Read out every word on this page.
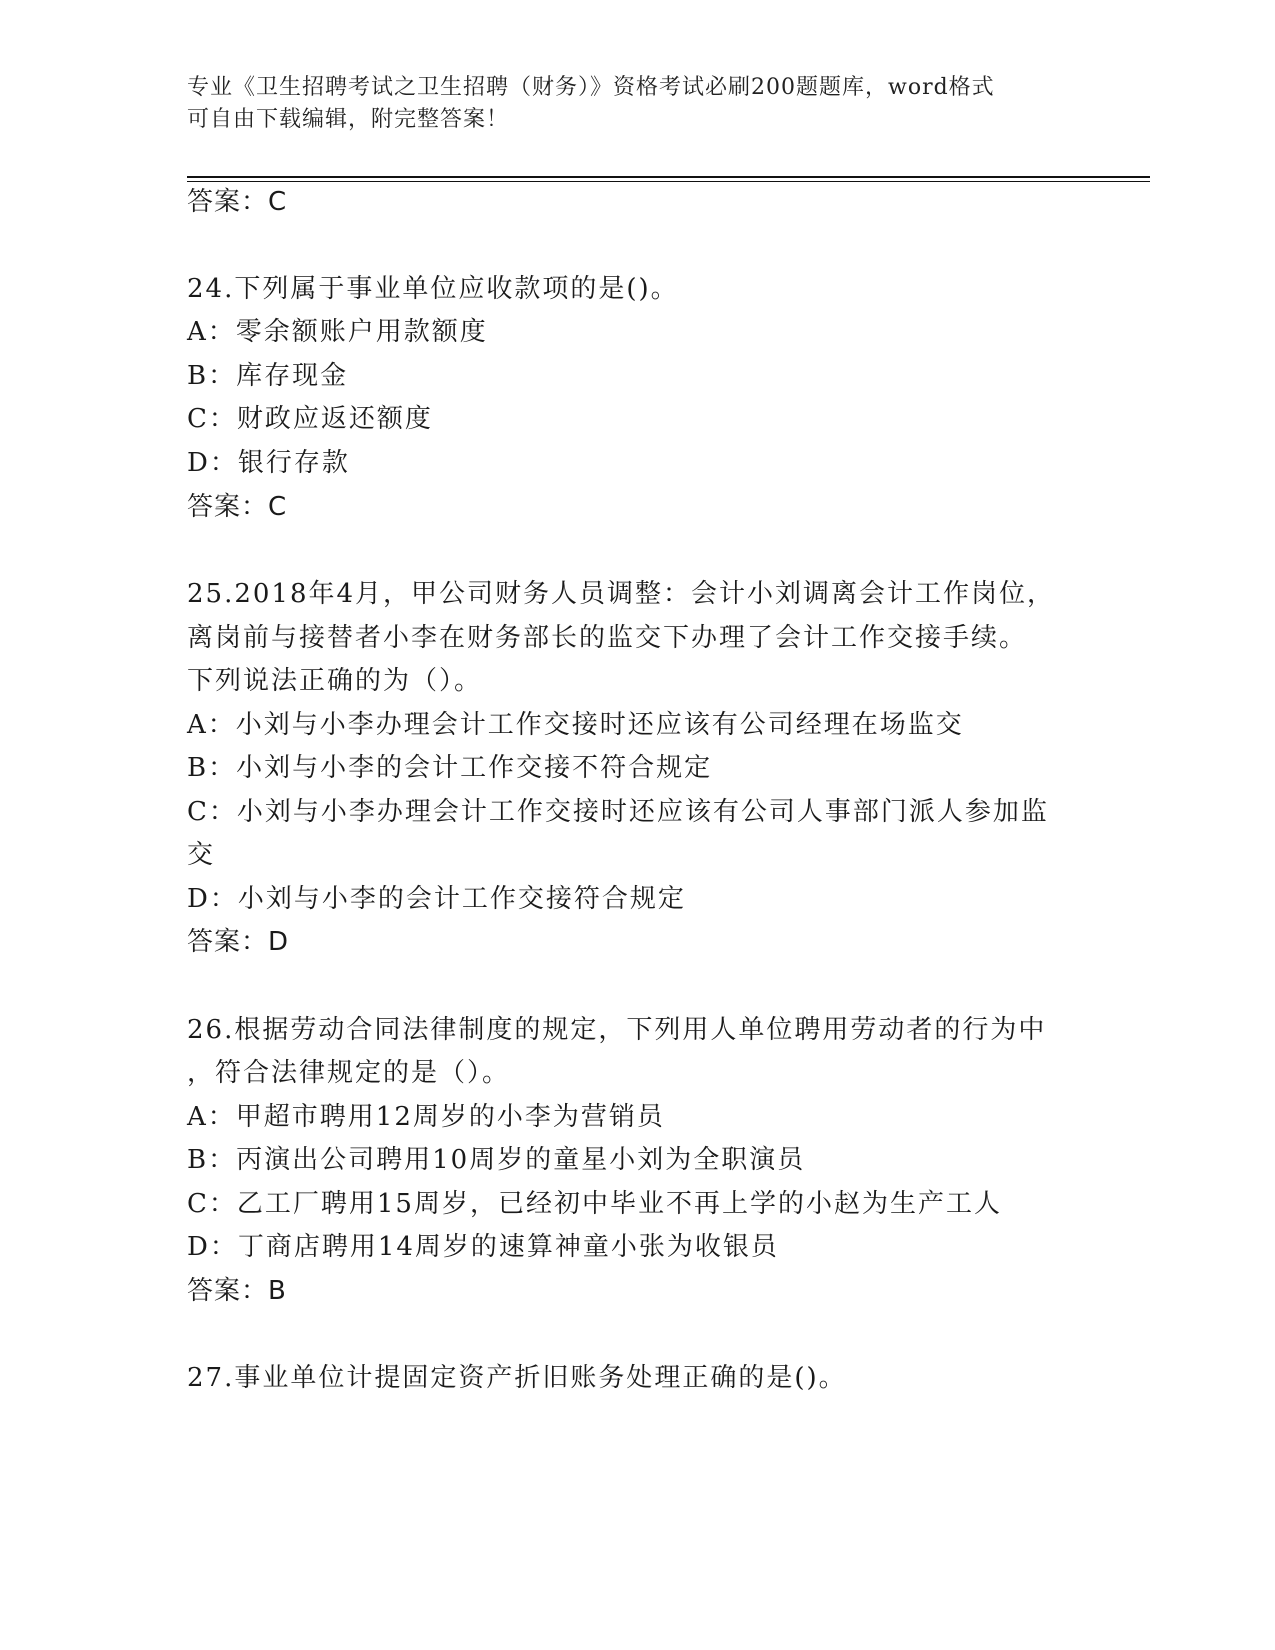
专业《卫生招聘考试之卫生招聘（财务）》资格考试必刷200题题库，word格式
可自由下载编辑，附完整答案！
答案：C
24.下列属于事业单位应收款项的是()。
A：零余额账户用款额度
B：库存现金
C：财政应返还额度
D：银行存款
答案：C
25.2018年4月，甲公司财务人员调整：会计小刘调离会计工作岗位，
离岗前与接替者小李在财务部长的监交下办理了会计工作交接手续。
下列说法正确的为（）。
A：小刘与小李办理会计工作交接时还应该有公司经理在场监交
B：小刘与小李的会计工作交接不符合规定
C：小刘与小李办理会计工作交接时还应该有公司人事部门派人参加监
交
D：小刘与小李的会计工作交接符合规定
答案：D
26.根据劳动合同法律制度的规定，下列用人单位聘用劳动者的行为中
，符合法律规定的是（）。
A：甲超市聘用12周岁的小李为营销员
B：丙演出公司聘用10周岁的童星小刘为全职演员
C：乙工厂聘用15周岁，已经初中毕业不再上学的小赵为生产工人
D：丁商店聘用14周岁的速算神童小张为收银员
答案：B
27.事业单位计提固定资产折旧账务处理正确的是()。
